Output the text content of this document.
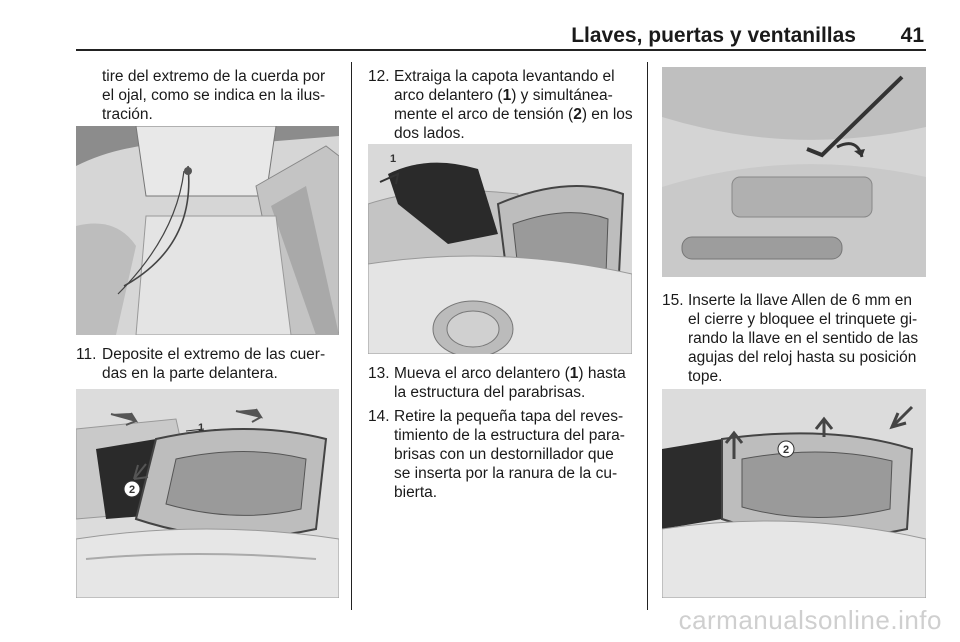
Llaves, puertas y ventanillas 41
tire del extremo de la cuerda por el ojal, como se indica en la ilus-tración.
11. Deposite el extremo de las cuer-das en la parte delantera.
2
1
12. Extraiga la capota levantando el arco delantero (1) y simultánea-mente el arco de tensión (2) en los dos lados.
1
13. Mueva el arco delantero (1) hasta la estructura del parabrisas.
14. Retire la pequeña tapa del reves-timiento de la estructura del para-brisas con un destornillador que se inserta por la ranura de la cu-bierta.
15. Inserte la llave Allen de 6 mm en el cierre y bloquee el trinquete gi-rando la llave en el sentido de las agujas del reloj hasta su posición tope.
2
carmanualsonline.info
